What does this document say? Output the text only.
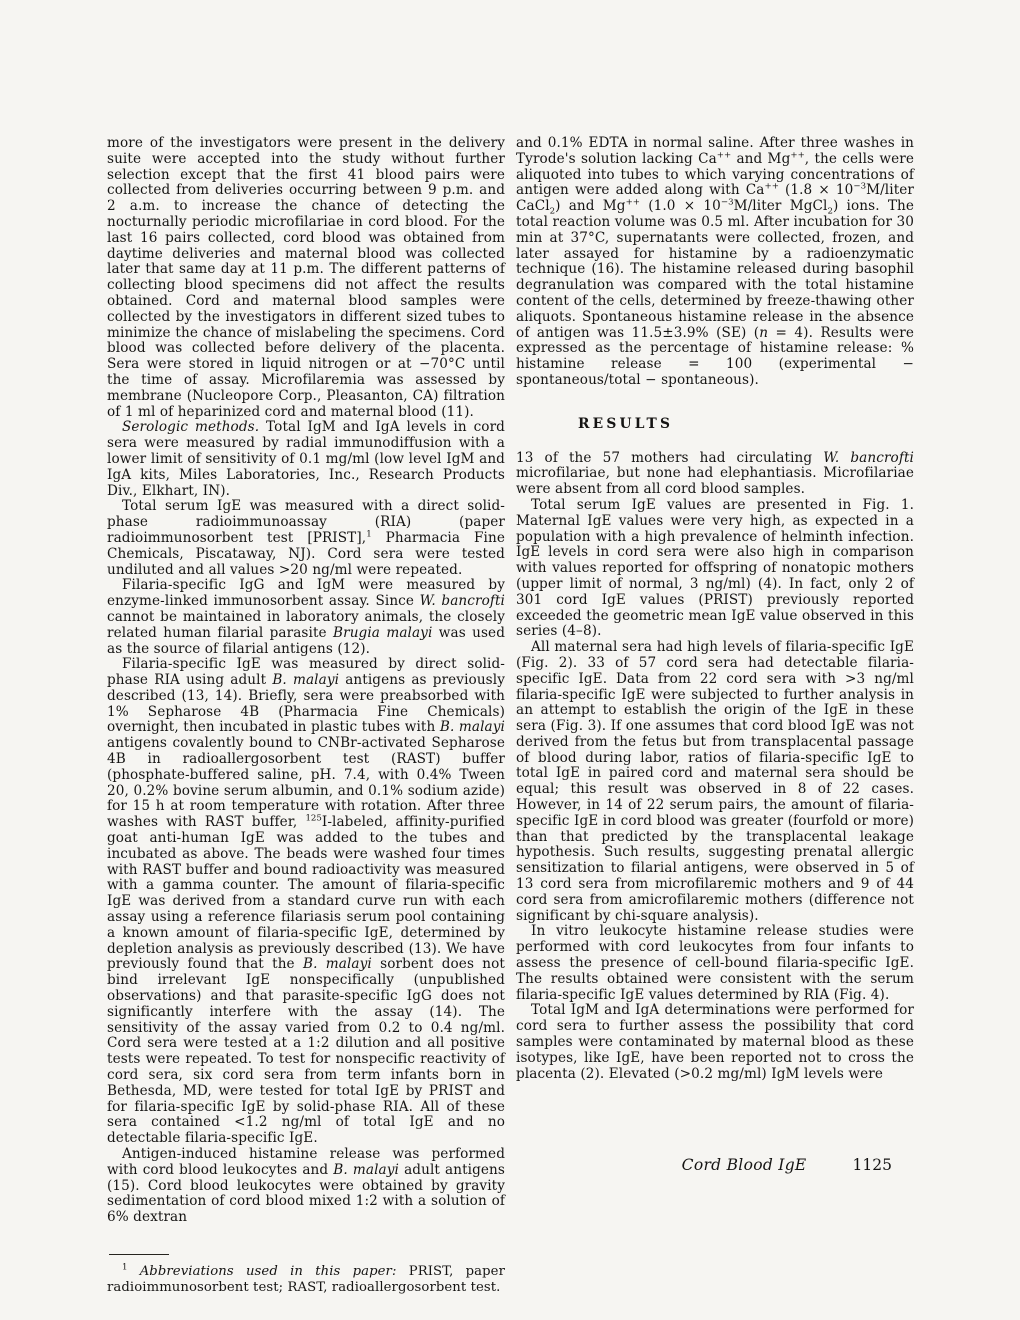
more of the investigators were present in the delivery suite were accepted into the study without further selection except that the first 41 blood pairs were collected from deliveries occurring between 9 p.m. and 2 a.m. to increase the chance of detecting the nocturnally periodic microfilariae in cord blood. For the last 16 pairs collected, cord blood was obtained from daytime deliveries and maternal blood was collected later that same day at 11 p.m. The different patterns of collecting blood specimens did not affect the results obtained. Cord and maternal blood samples were collected by the investigators in different sized tubes to minimize the chance of mislabeling the specimens. Cord blood was collected before delivery of the placenta. Sera were stored in liquid nitrogen or at −70°C until the time of assay. Microfilaremia was assessed by membrane (Nucleopore Corp., Pleasanton, CA) filtration of 1 ml of heparinized cord and maternal blood (11).

Serologic methods. Total IgM and IgA levels in cord sera were measured by radial immunodiffusion with a lower limit of sensitivity of 0.1 mg/ml (low level IgM and IgA kits, Miles Laboratories, Inc., Research Products Div., Elkhart, IN).

Total serum IgE was measured with a direct solid-phase radioimmunoassay (RIA) (paper radioimmunosorbent test [PRIST],$^1$ Pharmacia Fine Chemicals, Piscataway, NJ). Cord sera were tested undiluted and all values >20 ng/ml were repeated.

Filaria-specific IgG and IgM were measured by enzyme-linked immunosorbent assay. Since W. bancrofti cannot be maintained in laboratory animals, the closely related human filarial parasite Brugia malayi was used as the source of filarial antigens (12).

Filaria-specific IgE was measured by direct solid-phase RIA using adult B. malayi antigens as previously described (13, 14). Briefly, sera were preabsorbed with 1% Sepharose 4B (Pharmacia Fine Chemicals) overnight, then incubated in plastic tubes with B. malayi antigens covalently bound to CNBr-activated Sepharose 4B in radioallergosorbent test (RAST) buffer (phosphate-buffered saline, pH. 7.4, with 0.4% Tween 20, 0.2% bovine serum albumin, and 0.1% sodium azide) for 15 h at room temperature with rotation. After three washes with RAST buffer, $^{125}$I-labeled, affinity-purified goat anti-human IgE was added to the tubes and incubated as above. The beads were washed four times with RAST buffer and bound radioactivity was measured with a gamma counter. The amount of filaria-specific IgE was derived from a standard curve run with each assay using a reference filariasis serum pool containing a known amount of filaria-specific IgE, determined by depletion analysis as previously described (13). We have previously found that the B. malayi sorbent does not bind irrelevant IgE nonspecifically (unpublished observations) and that parasite-specific IgG does not significantly interfere with the assay (14). The sensitivity of the assay varied from 0.2 to 0.4 ng/ml. Cord sera were tested at a 1:2 dilution and all positive tests were repeated. To test for nonspecific reactivity of cord sera, six cord sera from term infants born in Bethesda, MD, were tested for total IgE by PRIST and for filaria-specific IgE by solid-phase RIA. All of these sera contained <1.2 ng/ml of total IgE and no detectable filaria-specific IgE.

Antigen-induced histamine release was performed with cord blood leukocytes and B. malayi adult antigens (15). Cord blood leukocytes were obtained by gravity sedimentation of cord blood mixed 1:2 with a solution of 6% dextran

$^1$ Abbreviations used in this paper: PRIST, paper radioimmunosorbent test; RAST, radioallergosorbent test.

and 0.1% EDTA in normal saline. After three washes in Tyrode's solution lacking Ca++ and Mg++, the cells were aliquoted into tubes to which varying concentrations of antigen were added along with Ca++ ($1.8 \times 10^{-3}M$/liter CaCl$_2$) and Mg++ ($1.0 \times 10^{-3}M$/liter MgCl$_2$) ions. The total reaction volume was 0.5 ml. After incubation for 30 min at 37°C, supernatants were collected, frozen, and later assayed for histamine by a radioenzymatic technique (16). The histamine released during basophil degranulation was compared with the total histamine content of the cells, determined by freeze-thawing other aliquots. Spontaneous histamine release in the absence of antigen was 11.5±3.9% (SE) (n = 4). Results were expressed as the percentage of histamine release: % histamine release = 100 (experimental − spontaneous/total − spontaneous).

RESULTS

13 of the 57 mothers had circulating W. bancrofti microfilariae, but none had elephantiasis. Microfilariae were absent from all cord blood samples.

Total serum IgE values are presented in Fig. 1. Maternal IgE values were very high, as expected in a population with a high prevalence of helminth infection. IgE levels in cord sera were also high in comparison with values reported for offspring of nonatopic mothers (upper limit of normal, 3 ng/ml) (4). In fact, only 2 of 301 cord IgE values (PRIST) previously reported exceeded the geometric mean IgE value observed in this series (4–8).

All maternal sera had high levels of filaria-specific IgE (Fig. 2). 33 of 57 cord sera had detectable filaria-specific IgE. Data from 22 cord sera with >3 ng/ml filaria-specific IgE were subjected to further analysis in an attempt to establish the origin of the IgE in these sera (Fig. 3). If one assumes that cord blood IgE was not derived from the fetus but from transplacental passage of blood during labor, ratios of filaria-specific IgE to total IgE in paired cord and maternal sera should be equal; this result was observed in 8 of 22 cases. However, in 14 of 22 serum pairs, the amount of filaria-specific IgE in cord blood was greater (fourfold or more) than that predicted by the transplacental leakage hypothesis. Such results, suggesting prenatal allergic sensitization to filarial antigens, were observed in 5 of 13 cord sera from microfilaremic mothers and 9 of 44 cord sera from amicrofilaremic mothers (difference not significant by chi-square analysis).

In vitro leukocyte histamine release studies were performed with cord leukocytes from four infants to assess the presence of cell-bound filaria-specific IgE. The results obtained were consistent with the serum filaria-specific IgE values determined by RIA (Fig. 4).

Total IgM and IgA determinations were performed for cord sera to further assess the possibility that cord samples were contaminated by maternal blood as these isotypes, like IgE, have been reported not to cross the placenta (2). Elevated (>0.2 mg/ml) IgM levels were

Cord Blood IgE	1125
